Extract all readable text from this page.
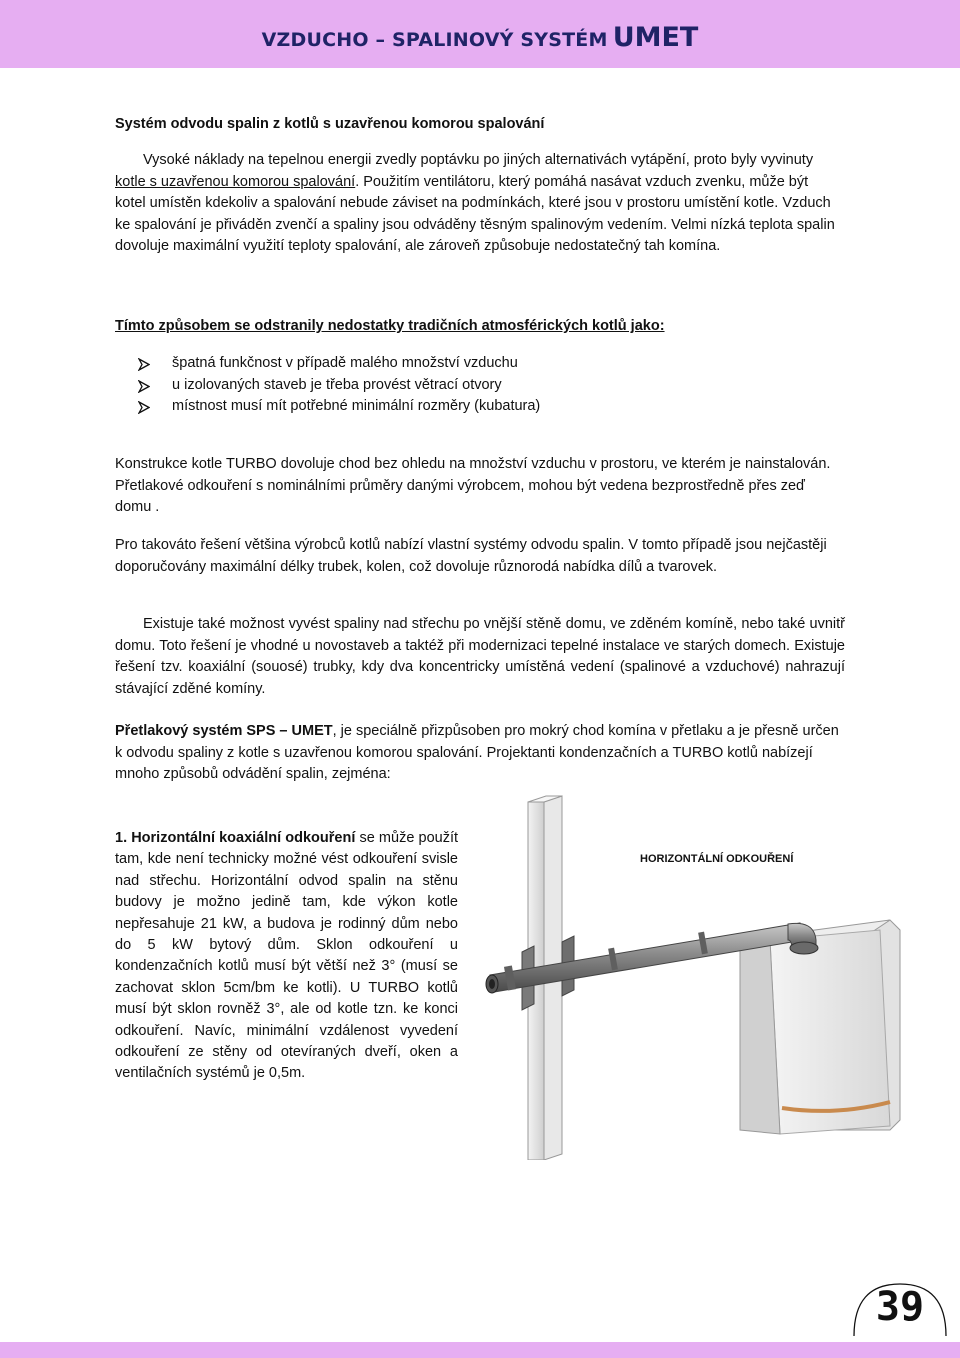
VZDUCHO – SPALINOVÝ SYSTÉM UMET

Systém odvodu spalin z kotlů s uzavřenou komorou spalování

Vysoké náklady na tepelnou energii zvedly poptávku po jiných alternativách vytápění, proto byly vyvinuty kotle s uzavřenou komorou spalování. Použitím ventilátoru, který pomáhá nasávat vzduch zvenku, může být kotel umístěn kdekoliv a spalování nebude záviset na podmínkách, které jsou v prostoru umístění kotle. Vzduch ke spalování je přiváděn zvenčí a spaliny jsou odváděny těsným spalinovým vedením. Velmi nízká teplota spalin dovoluje maximální využití teploty spalování, ale zároveň způsobuje nedostatečný tah komína.

Tímto způsobem se odstranily nedostatky tradičních atmosférických kotlů jako:

špatná funkčnost v případě malého množství vzduchu
u izolovaných staveb je třeba provést větrací otvory
místnost musí mít potřebné minimální rozměry (kubatura)

Konstrukce kotle TURBO dovoluje chod bez ohledu na množství vzduchu v prostoru, ve kterém je nainstalován. Přetlakové odkouření s nominálními průměry danými výrobcem, mohou být vedena bezprostředně přes zeď domu .

Pro takováto řešení většina výrobců kotlů nabízí vlastní systémy odvodu spalin. V tomto případě jsou nejčastěji doporučovány maximální délky trubek, kolen, což dovoluje různorodá nabídka dílů a tvarovek.

Existuje také možnost vyvést spaliny nad střechu po vnější stěně domu, ve zděném komíně, nebo také uvnitř domu. Toto řešení je vhodné u novostaveb a taktéž při modernizaci tepelné instalace ve starých domech. Existuje řešení tzv. koaxiální (souosé) trubky, kdy dva koncentricky umístěná vedení (spalinové a vzduchové) nahrazují stávající zděné komíny.

Přetlakový systém SPS – UMET, je speciálně přizpůsoben pro mokrý chod komína v přetlaku a je přesně určen k odvodu spaliny z kotle s uzavřenou komorou spalování. Projektanti kondenzačních a TURBO kotlů nabízejí mnoho způsobů odvádění spalin, zejména:

1. Horizontální koaxiální odkouření se může použít tam, kde není technicky možné vést odkouření svisle nad střechu. Horizontální odvod spalin na stěnu budovy je možno jedině tam, kde výkon kotle nepřesahuje 21 kW, a budova je rodinný dům nebo do 5 kW bytový dům. Sklon odkouření u kondenzačních kotlů musí být větší než 3° (musí se zachovat sklon 5cm/bm ke kotli). U TURBO kotlů musí být sklon rovněž 3°, ale od kotle tzn. ke konci odkouření. Navíc, minimální vzdálenost vyvedení odkouření ze stěny od otevíraných dveří, oken a ventilačních systémů je 0,5m.

HORIZONTÁLNÍ ODKOUŘENÍ
39
